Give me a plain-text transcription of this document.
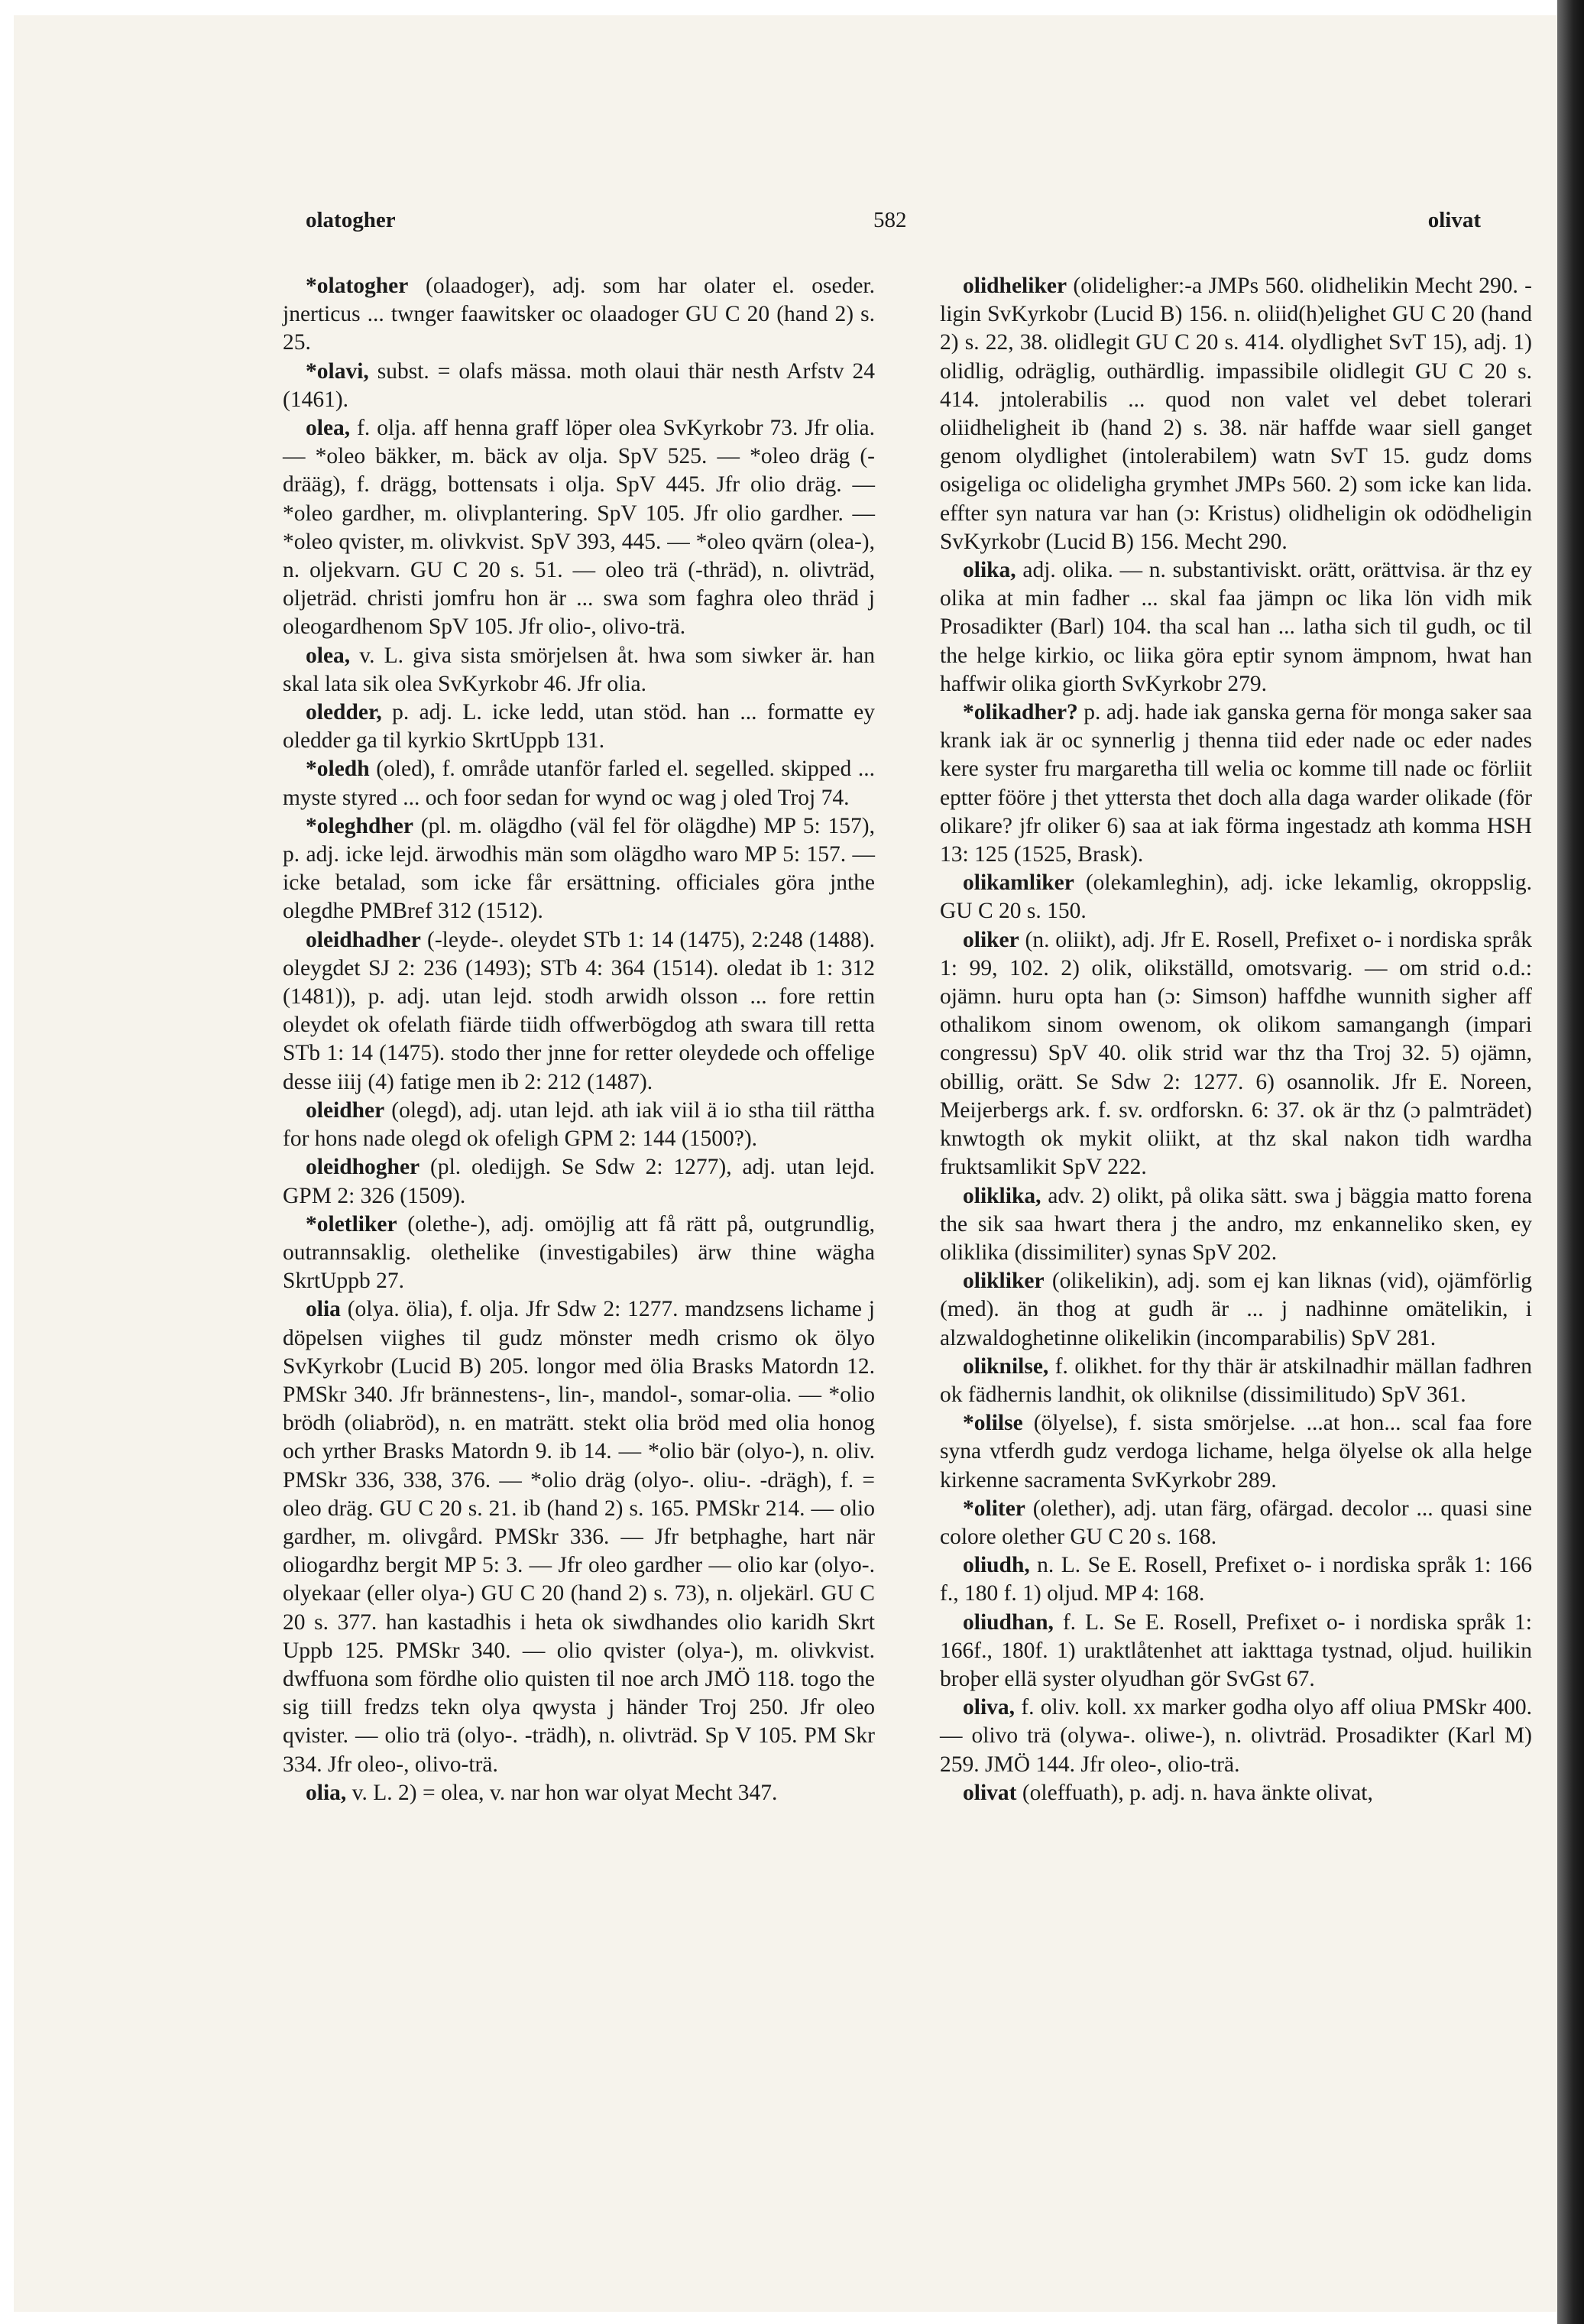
olatogher	582	olivat

*olatogher (olaadoger), adj. som har olater el. oseder. jnerticus ... twnger faawitsker oc olaadoger GU C 20 (hand 2) s. 25.

*olavi, subst. = olafs mässa. moth olaui thär nesth Arfstv 24 (1461).

olea, f. olja. aff henna graff löper olea SvKyrkobr 73. Jfr olia. — *oleo bäkker, m. bäck av olja. SpV 525. — *oleo dräg (-drääg), f. drägg, bottensats i olja. SpV 445. Jfr olio dräg. — *oleo gardher, m. olivplantering. SpV 105. Jfr olio gardher. — *oleo qvister, m. olivkvist. SpV 393, 445. — *oleo qvärn (olea-), n. oljekvarn. GU C 20 s. 51. — oleo trä (-thräd), n. olivträd, oljeträd. christi jomfru hon är ... swa som faghra oleo thräd j oleogardhenom SpV 105. Jfr olio-, olivo-trä.

olea, v. L. giva sista smörjelsen åt. hwa som siwker är. han skal lata sik olea SvKyrkobr 46. Jfr olia.

oledder, p. adj. L. icke ledd, utan stöd. han ... formatte ey oledder ga til kyrkio SkrtUppb 131.

*oledh (oled), f. område utanför farled el. segelled. skipped ... myste styred ... och foor sedan for wynd oc wag j oled Troj 74.

*oleghdher (pl. m. olägdho (väl fel för olägdhe) MP 5: 157), p. adj. icke lejd. ärwodhis män som olägdho waro MP 5: 157. — icke betalad, som icke får ersättning. officiales göra jnthe olegdhe PMBref 312 (1512).

oleidhadher (-leyde-. oleydet STb 1: 14 (1475), 2:248 (1488). oleygdet SJ 2: 236 (1493); STb 4: 364 (1514). oledat ib 1: 312 (1481)), p. adj. utan lejd. stodh arwidh olsson ... fore rettin oleydet ok ofelath fiärde tiidh offwerbögdog ath swara till retta STb 1: 14 (1475). stodo ther jnne for retter oleydede och offelige desse iiij (4) fatige men ib 2: 212 (1487).

oleidher (olegd), adj. utan lejd. ath iak viil ä io stha tiil rättha for hons nade olegd ok ofeligh GPM 2: 144 (1500?).

oleidhogher (pl. oledijgh. Se Sdw 2: 1277), adj. utan lejd. GPM 2: 326 (1509).

*oletliker (olethe-), adj. omöjlig att få rätt på, outgrundlig, outrannsaklig. olethelike (investigabiles) ärw thine wägha SkrtUppb 27.

olia (olya. ölia), f. olja. Jfr Sdw 2: 1277. mandzsens lichame j döpelsen viighes til gudz mönster medh crismo ok ölyo SvKyrkobr (Lucid B) 205. longor med ölia Brasks Matordn 12. PMSkr 340. Jfr brännestens-, lin-, mandol-, somar-olia. — *olio brödh (oliabröd), n. en maträtt. stekt olia bröd med olia honog och yrther Brasks Matordn 9. ib 14. — *olio bär (olyo-), n. oliv. PMSkr 336, 338, 376. — *olio dräg (olyo-. oliu-. -drägh), f. = oleo dräg. GU C 20 s. 21. ib (hand 2) s. 165. PMSkr 214. — olio gardher, m. olivgård. PMSkr 336. — Jfr betphaghe, hart när oliogardhz bergit MP 5: 3. — Jfr oleo gardher — olio kar (olyo-. olyekaar (eller olya-) GU C 20 (hand 2) s. 73), n. oljekärl. GU C 20 s. 377. han kastadhis i heta ok siwdhandes olio karidh Skrt Uppb 125. PMSkr 340. — olio qvister (olya-), m. olivkvist. dwffuona som fördhe olio quisten til noe arch JMÖ 118. togo the sig tiill fredzs tekn olya qwysta j händer Troj 250. Jfr oleo qvister. — olio trä (olyo-. -trädh), n. olivträd. Sp V 105. PM Skr 334. Jfr oleo-, olivo-trä.

olia, v. L. 2) = olea, v. nar hon war olyat Mecht 347.

olidheliker (olideligher:-a JMPs 560. olidhelikin Mecht 290. -ligin SvKyrkobr (Lucid B) 156. n. oliid(h)elighet GU C 20 (hand 2) s. 22, 38. olidlegit GU C 20 s. 414. olydlighet SvT 15), adj. 1) olidlig, odräglig, outhärdlig. impassibile olidlegit GU C 20 s. 414. jntolerabilis ... quod non valet vel debet tolerari oliidheligheit ib (hand 2) s. 38. när haffde waar siell ganget genom olydlighet (intolerabilem) watn SvT 15. gudz doms osigeliga oc olideligha grymhet JMPs 560. 2) som icke kan lida. effter syn natura var han (ɔ: Kristus) olidheligin ok odödheligin SvKyrkobr (Lucid B) 156. Mecht 290.

olika, adj. olika. — n. substantiviskt. orätt, orättvisa. är thz ey olika at min fadher ... skal faa jämpn oc lika lön vidh mik Prosadikter (Barl) 104. tha scal han ... latha sich til gudh, oc til the helge kirkio, oc liika göra eptir synom ämpnom, hwat han haffwir olika giorth SvKyrkobr 279.

*olikadher? p. adj. hade iak ganska gerna för monga saker saa krank iak är oc synnerlig j thenna tiid eder nade oc eder nades kere syster fru margaretha till welia oc komme till nade oc förliit eptter fööre j thet yttersta thet doch alla daga warder olikade (för olikare? jfr oliker 6) saa at iak förma ingestadz ath komma HSH 13: 125 (1525, Brask).

olikamliker (olekamleghin), adj. icke lekamlig, okroppslig. GU C 20 s. 150.

oliker (n. oliikt), adj. Jfr E. Rosell, Prefixet o- i nordiska språk 1: 99, 102. 2) olik, olikställd, omotsvarig. — om strid o.d.: ojämn. huru opta han (ɔ: Simson) haffdhe wunnith sigher aff othalikom sinom owenom, ok olikom samangangh (impari congressu) SpV 40. olik strid war thz tha Troj 32. 5) ojämn, obillig, orätt. Se Sdw 2: 1277. 6) osannolik. Jfr E. Noreen, Meijerbergs ark. f. sv. ordforskn. 6: 37. ok är thz (ɔ palmträdet) knwtogth ok mykit oliikt, at thz skal nakon tidh wardha fruktsamlikit SpV 222.

oliklika, adv. 2) olikt, på olika sätt. swa j bäggia matto forena the sik saa hwart thera j the andro, mz enkanneliko sken, ey oliklika (dissimiliter) synas SpV 202.

olikliker (olikelikin), adj. som ej kan liknas (vid), ojämförlig (med). än thog at gudh är ... j nadhinne omätelikin, i alzwaldoghetinne olikelikin (incomparabilis) SpV 281.

oliknilse, f. olikhet. for thy thär är atskilnadhir mällan fadhren ok fädhernis landhit, ok oliknilse (dissimilitudo) SpV 361.

*olilse (ölyelse), f. sista smörjelse. ...at hon... scal faa fore syna vtferdh gudz verdoga lichame, helga ölyelse ok alla helge kirkenne sacramenta SvKyrkobr 289.

*oliter (olether), adj. utan färg, ofärgad. decolor ... quasi sine colore olether GU C 20 s. 168.

oliudh, n. L. Se E. Rosell, Prefixet o- i nordiska språk 1: 166 f., 180 f. 1) oljud. MP 4: 168.

oliudhan, f. L. Se E. Rosell, Prefixet o- i nordiska språk 1: 166f., 180f. 1) uraktlåtenhet att iakttaga tystnad, oljud. huilikin broþer ellä syster olyudhan gör SvGst 67.

oliva, f. oliv. koll. xx marker godha olyo aff oliua PMSkr 400. — olivo trä (olywa-. oliwe-), n. olivträd. Prosadikter (Karl M) 259. JMÖ 144. Jfr oleo-, olio-trä.

olivat (oleffuath), p. adj. n. hava änkte olivat,
